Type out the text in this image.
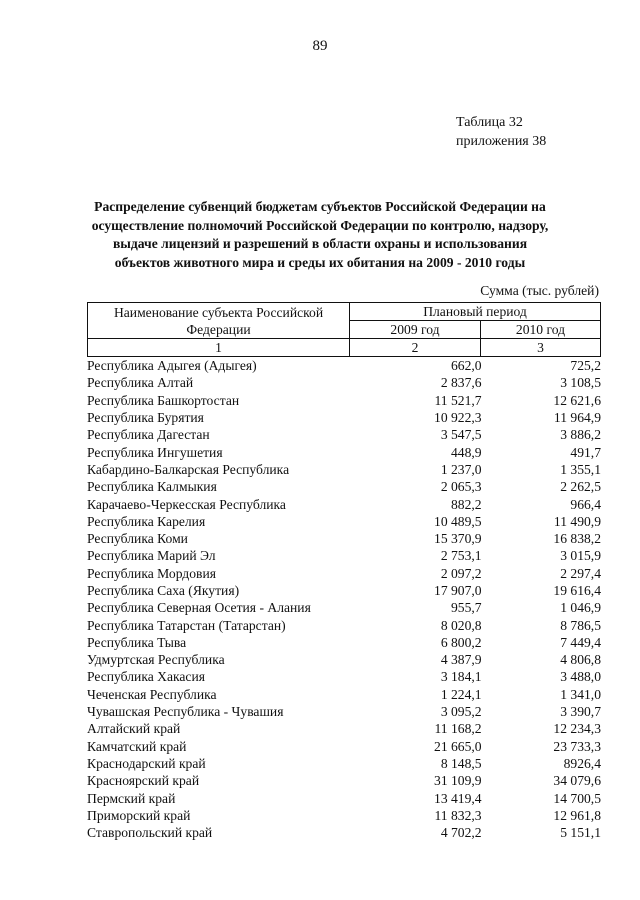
89
Таблица 32
приложения 38
Распределение субвенций бюджетам субъектов Российской Федерации на
осуществление полномочий Российской Федерации по контролю, надзору,
выдаче лицензий и разрешений в области охраны и использования
объектов животного мира и среды их обитания на 2009 - 2010 годы
Сумма (тыс. рублей)
Наименование субъекта Российской
Федерации	Плановый период	
	2009 год	2010 год
1	2	3
Республика Адыгея (Адыгея)	662,0	725,2
Республика Алтай	2 837,6	3 108,5
Республика Башкортостан	11 521,7	12 621,6
Республика Бурятия	10 922,3	11 964,9
Республика Дагестан	3 547,5	3 886,2
Республика Ингушетия	448,9	491,7
Кабардино-Балкарская Республика	1 237,0	1 355,1
Республика Калмыкия	2 065,3	2 262,5
Карачаево-Черкесская Республика	882,2	966,4
Республика Карелия	10 489,5	11 490,9
Республика Коми	15 370,9	16 838,2
Республика Марий Эл	2 753,1	3 015,9
Республика Мордовия	2 097,2	2 297,4
Республика Саха (Якутия)	17 907,0	19 616,4
Республика Северная Осетия - Алания	955,7	1 046,9
Республика Татарстан (Татарстан)	8 020,8	8 786,5
Республика Тыва	6 800,2	7 449,4
Удмуртская Республика	4 387,9	4 806,8
Республика Хакасия	3 184,1	3 488,0
Чеченская Республика	1 224,1	1 341,0
Чувашская Республика - Чувашия	3 095,2	3 390,7
Алтайский край	11 168,2	12 234,3
Камчатский край	21 665,0	23 733,3
Краснодарский край	8 148,5	8926,4
Красноярский край	31 109,9	34 079,6
Пермский край	13 419,4	14 700,5
Приморский край	11 832,3	12 961,8
Ставропольский край	4 702,2	5 151,1
